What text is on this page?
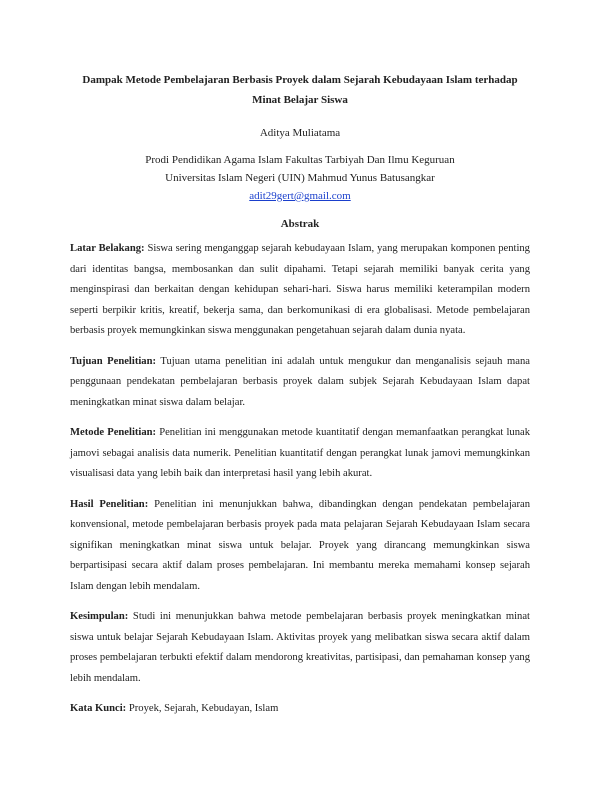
Dampak Metode Pembelajaran Berbasis Proyek dalam Sejarah Kebudayaan Islam terhadap Minat Belajar Siswa
Aditya Muliatama
Prodi Pendidikan Agama Islam Fakultas Tarbiyah Dan Ilmu Keguruan
Universitas Islam Negeri (UIN) Mahmud Yunus Batusangkar
adit29gert@gmail.com
Abstrak
Latar Belakang: Siswa sering menganggap sejarah kebudayaan Islam, yang merupakan komponen penting dari identitas bangsa, membosankan dan sulit dipahami. Tetapi sejarah memiliki banyak cerita yang menginspirasi dan berkaitan dengan kehidupan sehari-hari. Siswa harus memiliki keterampilan modern seperti berpikir kritis, kreatif, bekerja sama, dan berkomunikasi di era globalisasi. Metode pembelajaran berbasis proyek memungkinkan siswa menggunakan pengetahuan sejarah dalam dunia nyata.
Tujuan Penelitian: Tujuan utama penelitian ini adalah untuk mengukur dan menganalisis sejauh mana penggunaan pendekatan pembelajaran berbasis proyek dalam subjek Sejarah Kebudayaan Islam dapat meningkatkan minat siswa dalam belajar.
Metode Penelitian: Penelitian ini menggunakan metode kuantitatif dengan memanfaatkan perangkat lunak jamovi sebagai analisis data numerik. Penelitian kuantitatif dengan perangkat lunak jamovi memungkinkan visualisasi data yang lebih baik dan interpretasi hasil yang lebih akurat.
Hasil Penelitian: Penelitian ini menunjukkan bahwa, dibandingkan dengan pendekatan pembelajaran konvensional, metode pembelajaran berbasis proyek pada mata pelajaran Sejarah Kebudayaan Islam secara signifikan meningkatkan minat siswa untuk belajar. Proyek yang dirancang memungkinkan siswa berpartisipasi secara aktif dalam proses pembelajaran. Ini membantu mereka memahami konsep sejarah Islam dengan lebih mendalam.
Kesimpulan: Studi ini menunjukkan bahwa metode pembelajaran berbasis proyek meningkatkan minat siswa untuk belajar Sejarah Kebudayaan Islam. Aktivitas proyek yang melibatkan siswa secara aktif dalam proses pembelajaran terbukti efektif dalam mendorong kreativitas, partisipasi, dan pemahaman konsep yang lebih mendalam.
Kata Kunci: Proyek, Sejarah, Kebudayan, Islam
